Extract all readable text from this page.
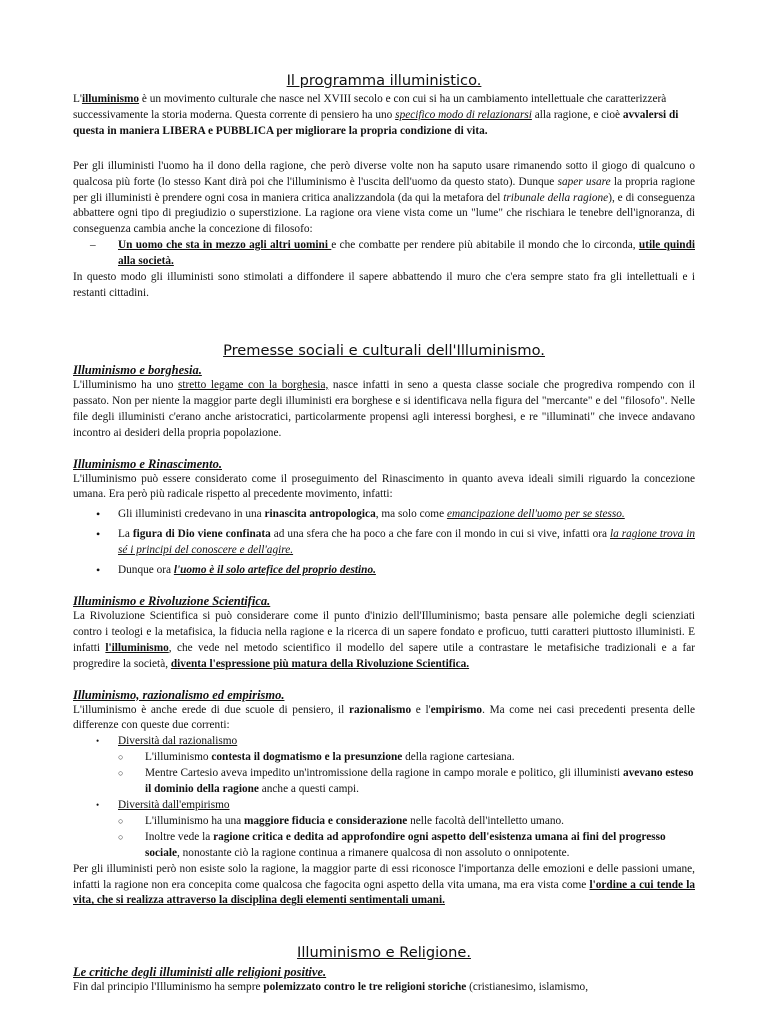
Il programma illuministico.

L'illuminismo è un movimento culturale che nasce nel XVIII secolo e con cui si ha un cambiamento intellettuale che caratterizzerà successivamente la storia moderna. Questa corrente di pensiero ha uno specifico modo di relazionarsi alla ragione, e cioè avvalersi di questa in maniera LIBERA e PUBBLICA per migliorare la propria condizione di vita.

Per gli illuministi l'uomo ha il dono della ragione, che però diverse volte non ha saputo usare rimanendo sotto il giogo di qualcuno o qualcosa più forte (lo stesso Kant dirà poi che l'illuminismo è l'uscita dell'uomo da questo stato). Dunque saper usare la propria ragione per gli illuministi è prendere ogni cosa in maniera critica analizzandola (da qui la metafora del tribunale della ragione), e di conseguenza abbattere ogni tipo di pregiudizio o superstizione. La ragione ora viene vista come un "lume" che rischiara le tenebre dell'ignoranza, di conseguenza cambia anche la concezione di filosofo:

– Un uomo che sta in mezzo agli altri uomini e che combatte per rendere più abitabile il mondo che lo circonda, utile quindi alla società.

In questo modo gli illuministi sono stimolati a diffondere il sapere abbattendo il muro che c'era sempre stato fra gli intellettuali e i restanti cittadini.

Premesse sociali e culturali dell'Illuminismo.
Illuminismo e borghesia.

L'illuminismo ha uno stretto legame con la borghesia, nasce infatti in seno a questa classe sociale che progrediva rompendo con il passato. Non per niente la maggior parte degli illuministi era borghese e si identificava nella figura del "mercante" e del "filosofo". Nelle file degli illuministi c'erano anche aristocratici, particolarmente propensi agli interessi borghesi, e re "illuminati" che invece andavano incontro ai desideri della propria popolazione.

Illuminismo e Rinascimento.

L'illuminismo può essere considerato come il proseguimento del Rinascimento in quanto aveva ideali simili riguardo la concezione umana. Era però più radicale rispetto al precedente movimento, infatti:

• Gli illuministi credevano in una rinascita antropologica, ma solo come emancipazione dell'uomo per se stesso.
• La figura di Dio viene confinata ad una sfera che ha poco a che fare con il mondo in cui si vive, infatti ora la ragione trova in sé i principi del conoscere e dell'agire.
• Dunque ora l'uomo è il solo artefice del proprio destino.
Illuminismo e Rivoluzione Scientifica.

La Rivoluzione Scientifica si può considerare come il punto d'inizio dell'Illuminismo; basta pensare alle polemiche degli scienziati contro i teologi e la metafisica, la fiducia nella ragione e la ricerca di un sapere fondato e proficuo, tutti caratteri piuttosto illuministi. E infatti l'illuminismo, che vede nel metodo scientifico il modello del sapere utile a contrastare le metafisiche tradizionali e a far progredire la società, diventa l'espressione più matura della Rivoluzione Scientifica.

Illuminismo, razionalismo ed empirismo.

L'illuminismo è anche erede di due scuole di pensiero, il razionalismo e l'empirismo. Ma come nei casi precedenti presenta delle differenze con queste due correnti:

• Diversità dal razionalismo
○ L'illuminismo contesta il dogmatismo e la presunzione della ragione cartesiana.
○ Mentre Cartesio aveva impedito un'intromissione della ragione in campo morale e politico, gli illuministi avevano esteso il dominio della ragione anche a questi campi.
• Diversità dall'empirismo
○ L'illuminismo ha una maggiore fiducia e considerazione nelle facoltà dell'intelletto umano.
○ Inoltre vede la ragione critica e dedita ad approfondire ogni aspetto dell'esistenza umana ai fini del progresso sociale, nonostante ciò la ragione continua a rimanere qualcosa di non assoluto o onnipotente.

Per gli illuministi però non esiste solo la ragione, la maggior parte di essi riconosce l'importanza delle emozioni e delle passioni umane, infatti la ragione non era concepita come qualcosa che fagocita ogni aspetto della vita umana, ma era vista come l'ordine a cui tende la vita, che si realizza attraverso la disciplina degli elementi sentimentali umani.

Illuminismo e Religione.
Le critiche degli illuministi alle religioni positive.

Fin dal principio l'Illuminismo ha sempre polemizzato contro le tre religioni storiche (cristianesimo, islamismo,
